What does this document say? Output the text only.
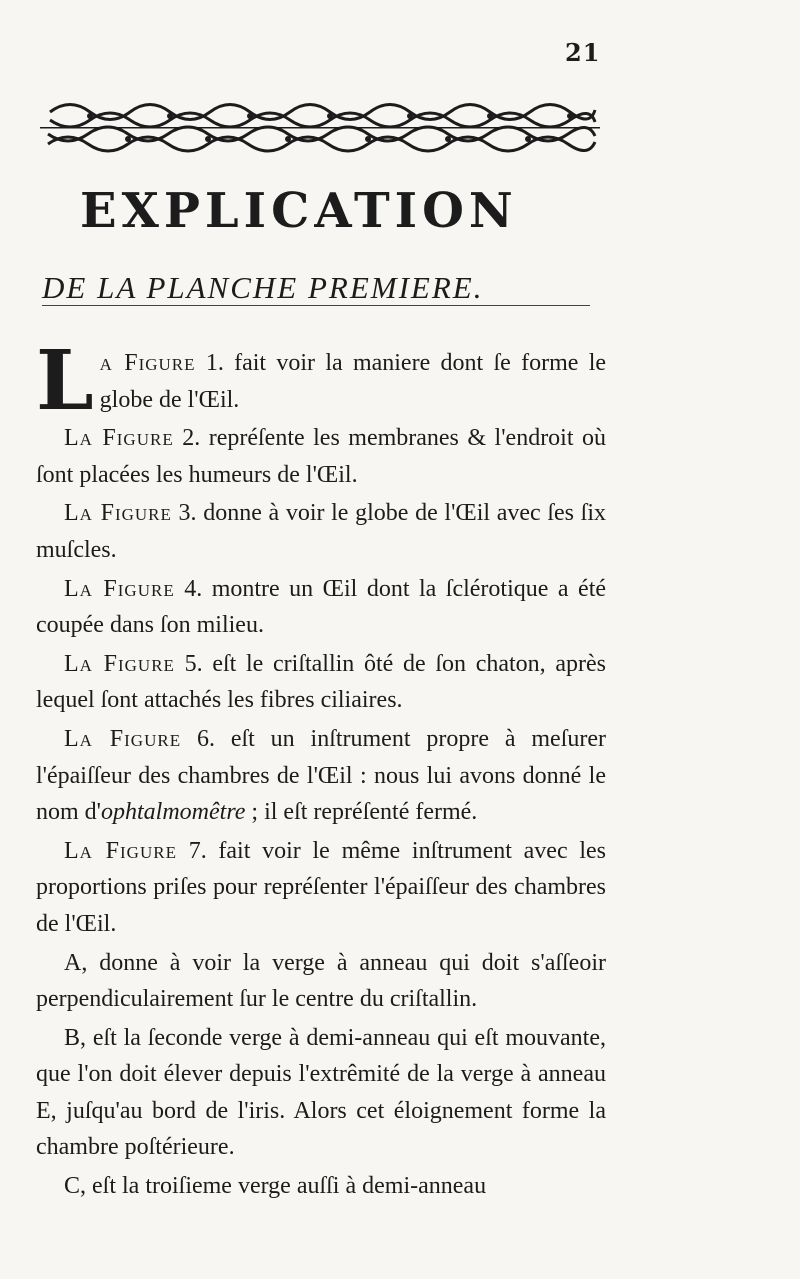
21
EXPLICATION
DE LA PLANCHE PREMIERE.

La Figure 1. fait voir la maniere dont ſe forme le globe de l'Œil.

La Figure 2. repréſente les membranes & l'endroit où ſont placées les humeurs de l'Œil.

La Figure 3. donne à voir le globe de l'Œil avec ſes ſix muſcles.

La Figure 4. montre un Œil dont la ſclérotique a été coupée dans ſon milieu.

La Figure 5. eſt le criſtallin ôté de ſon chaton, après lequel ſont attachés les fibres ciliaires.

La Figure 6. eſt un inſtrument propre à meſurer l'épaiſſeur des chambres de l'Œil : nous lui avons donné le nom d'ophtalmomêtre ; il eſt repréſenté fermé.

La Figure 7. fait voir le même inſtrument avec les proportions priſes pour repréſenter l'épaiſſeur des chambres de l'Œil.

A, donne à voir la verge à anneau qui doit s'aſſeoir perpendiculairement ſur le centre du criſtallin.

B, eſt la ſeconde verge à demi-anneau qui eſt mouvante, que l'on doit élever depuis l'extrêmité de la verge à anneau E, juſqu'au bord de l'iris. Alors cet éloignement forme la chambre poſtérieure.

C, eſt la troiſieme verge auſſi à demi-anneau
